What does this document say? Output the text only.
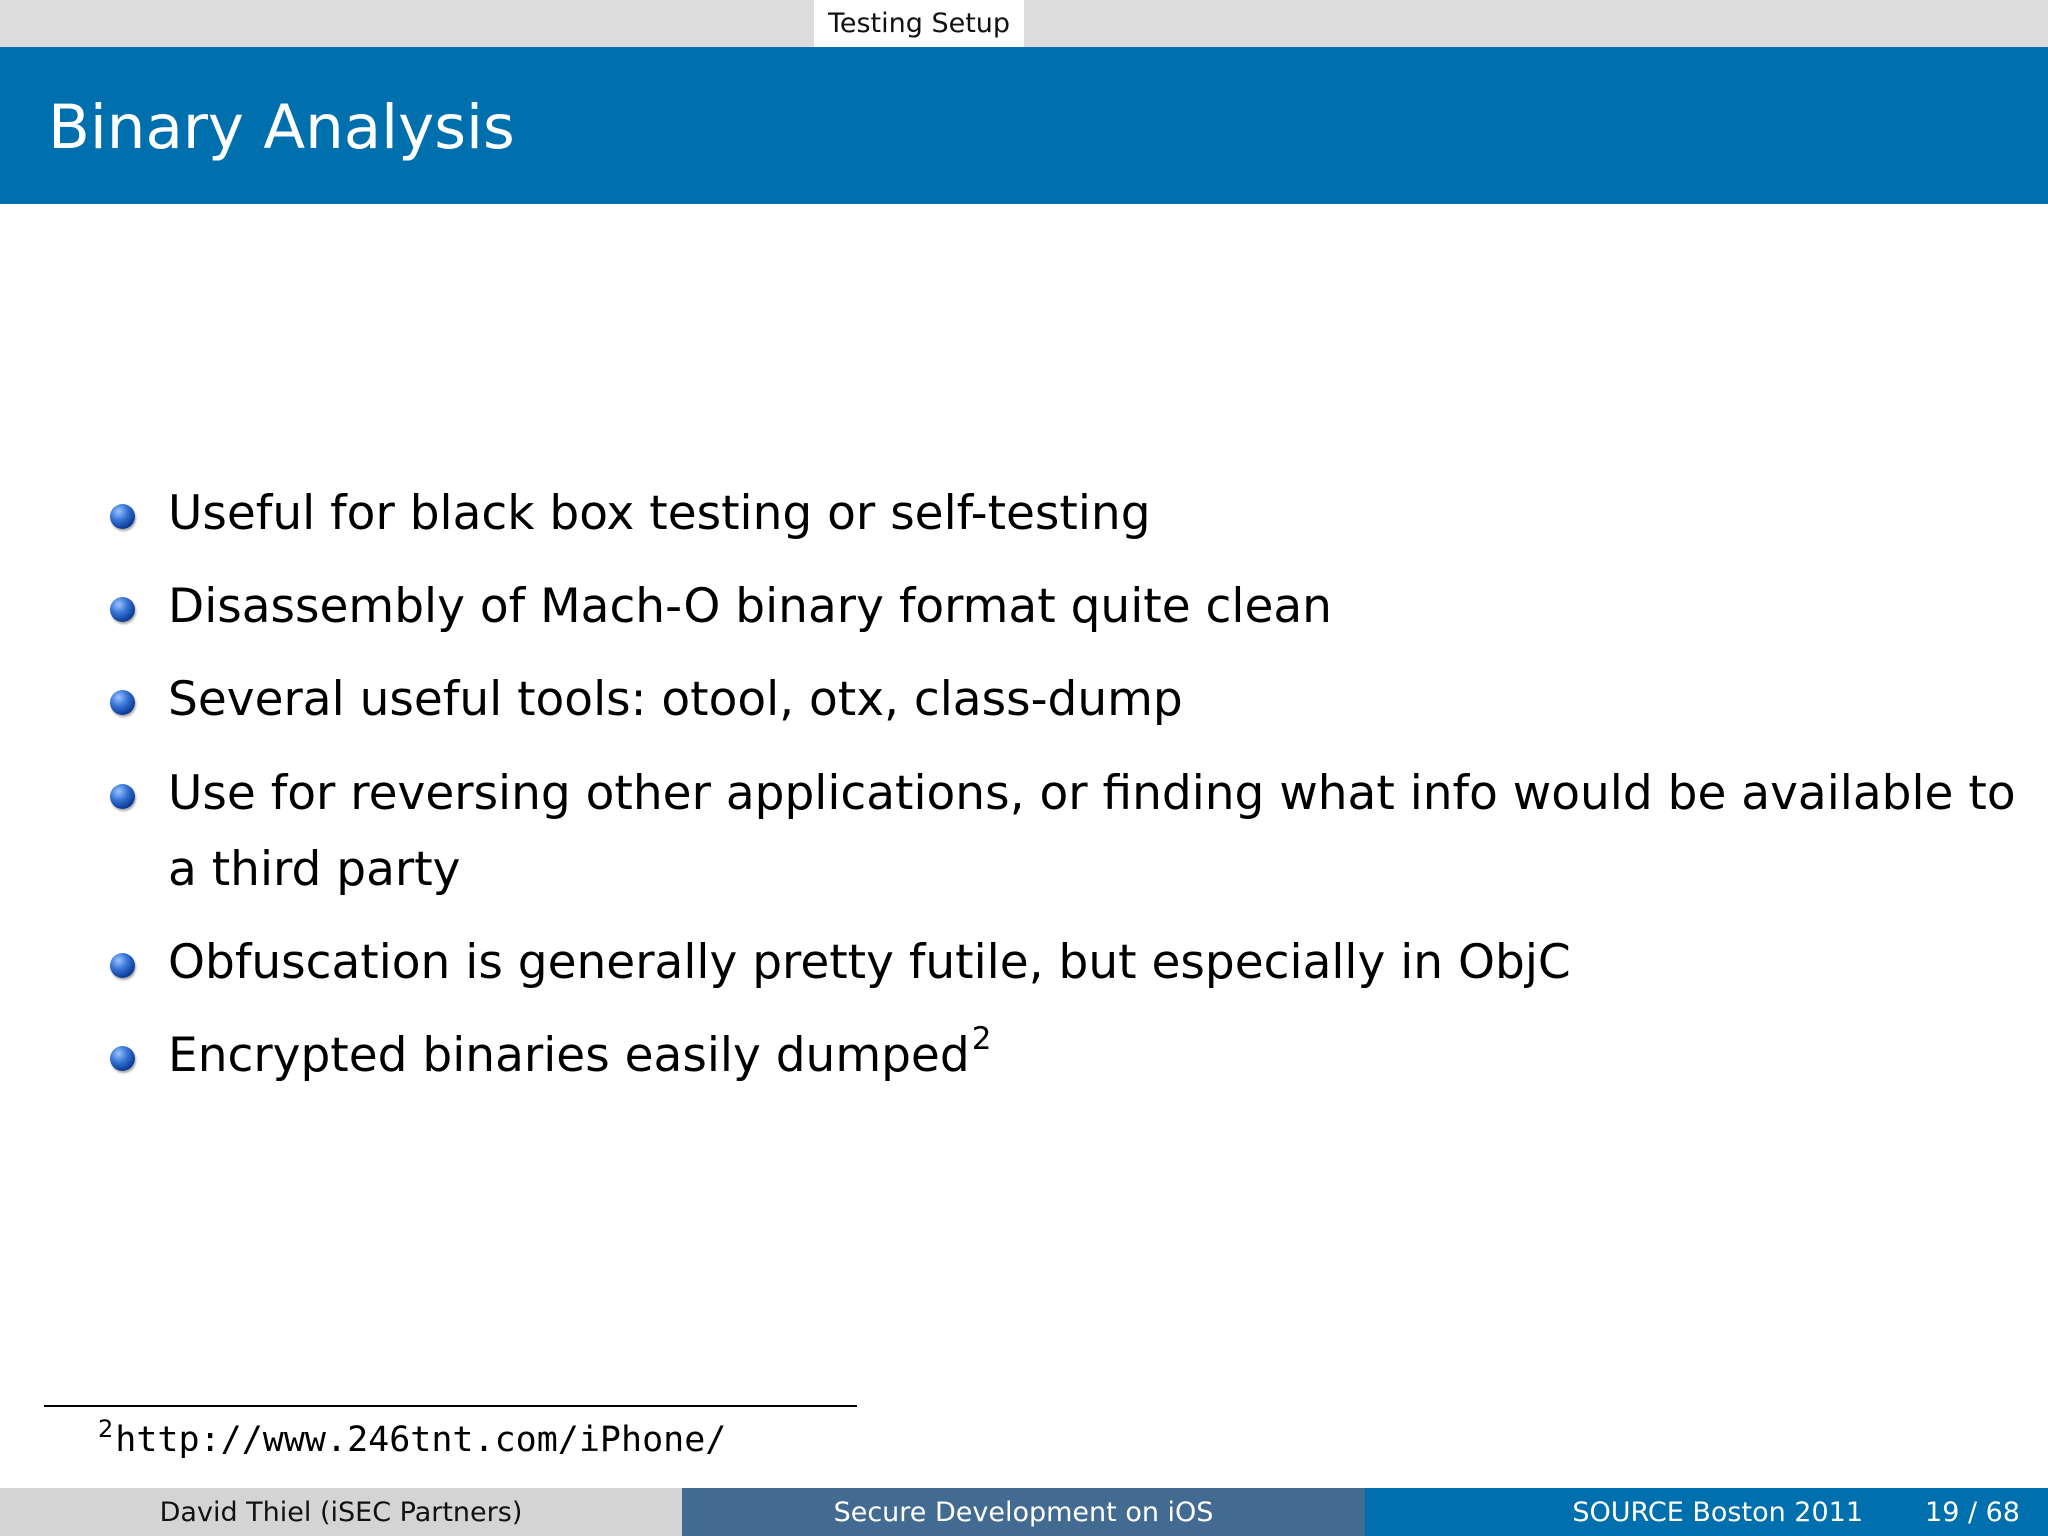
Testing Setup
Binary Analysis
Useful for black box testing or self-testing
Disassembly of Mach-O binary format quite clean
Several useful tools: otool, otx, class-dump
Use for reversing other applications, or finding what info would be available to
a third party
Obfuscation is generally pretty futile, but especially in ObjC
Encrypted binaries easily dumped$^2$
2http://www.246tnt.com/iPhone/
David Thiel (iSEC Partners)	Secure Development on iOS	SOURCE Boston 2011 19 / 68
